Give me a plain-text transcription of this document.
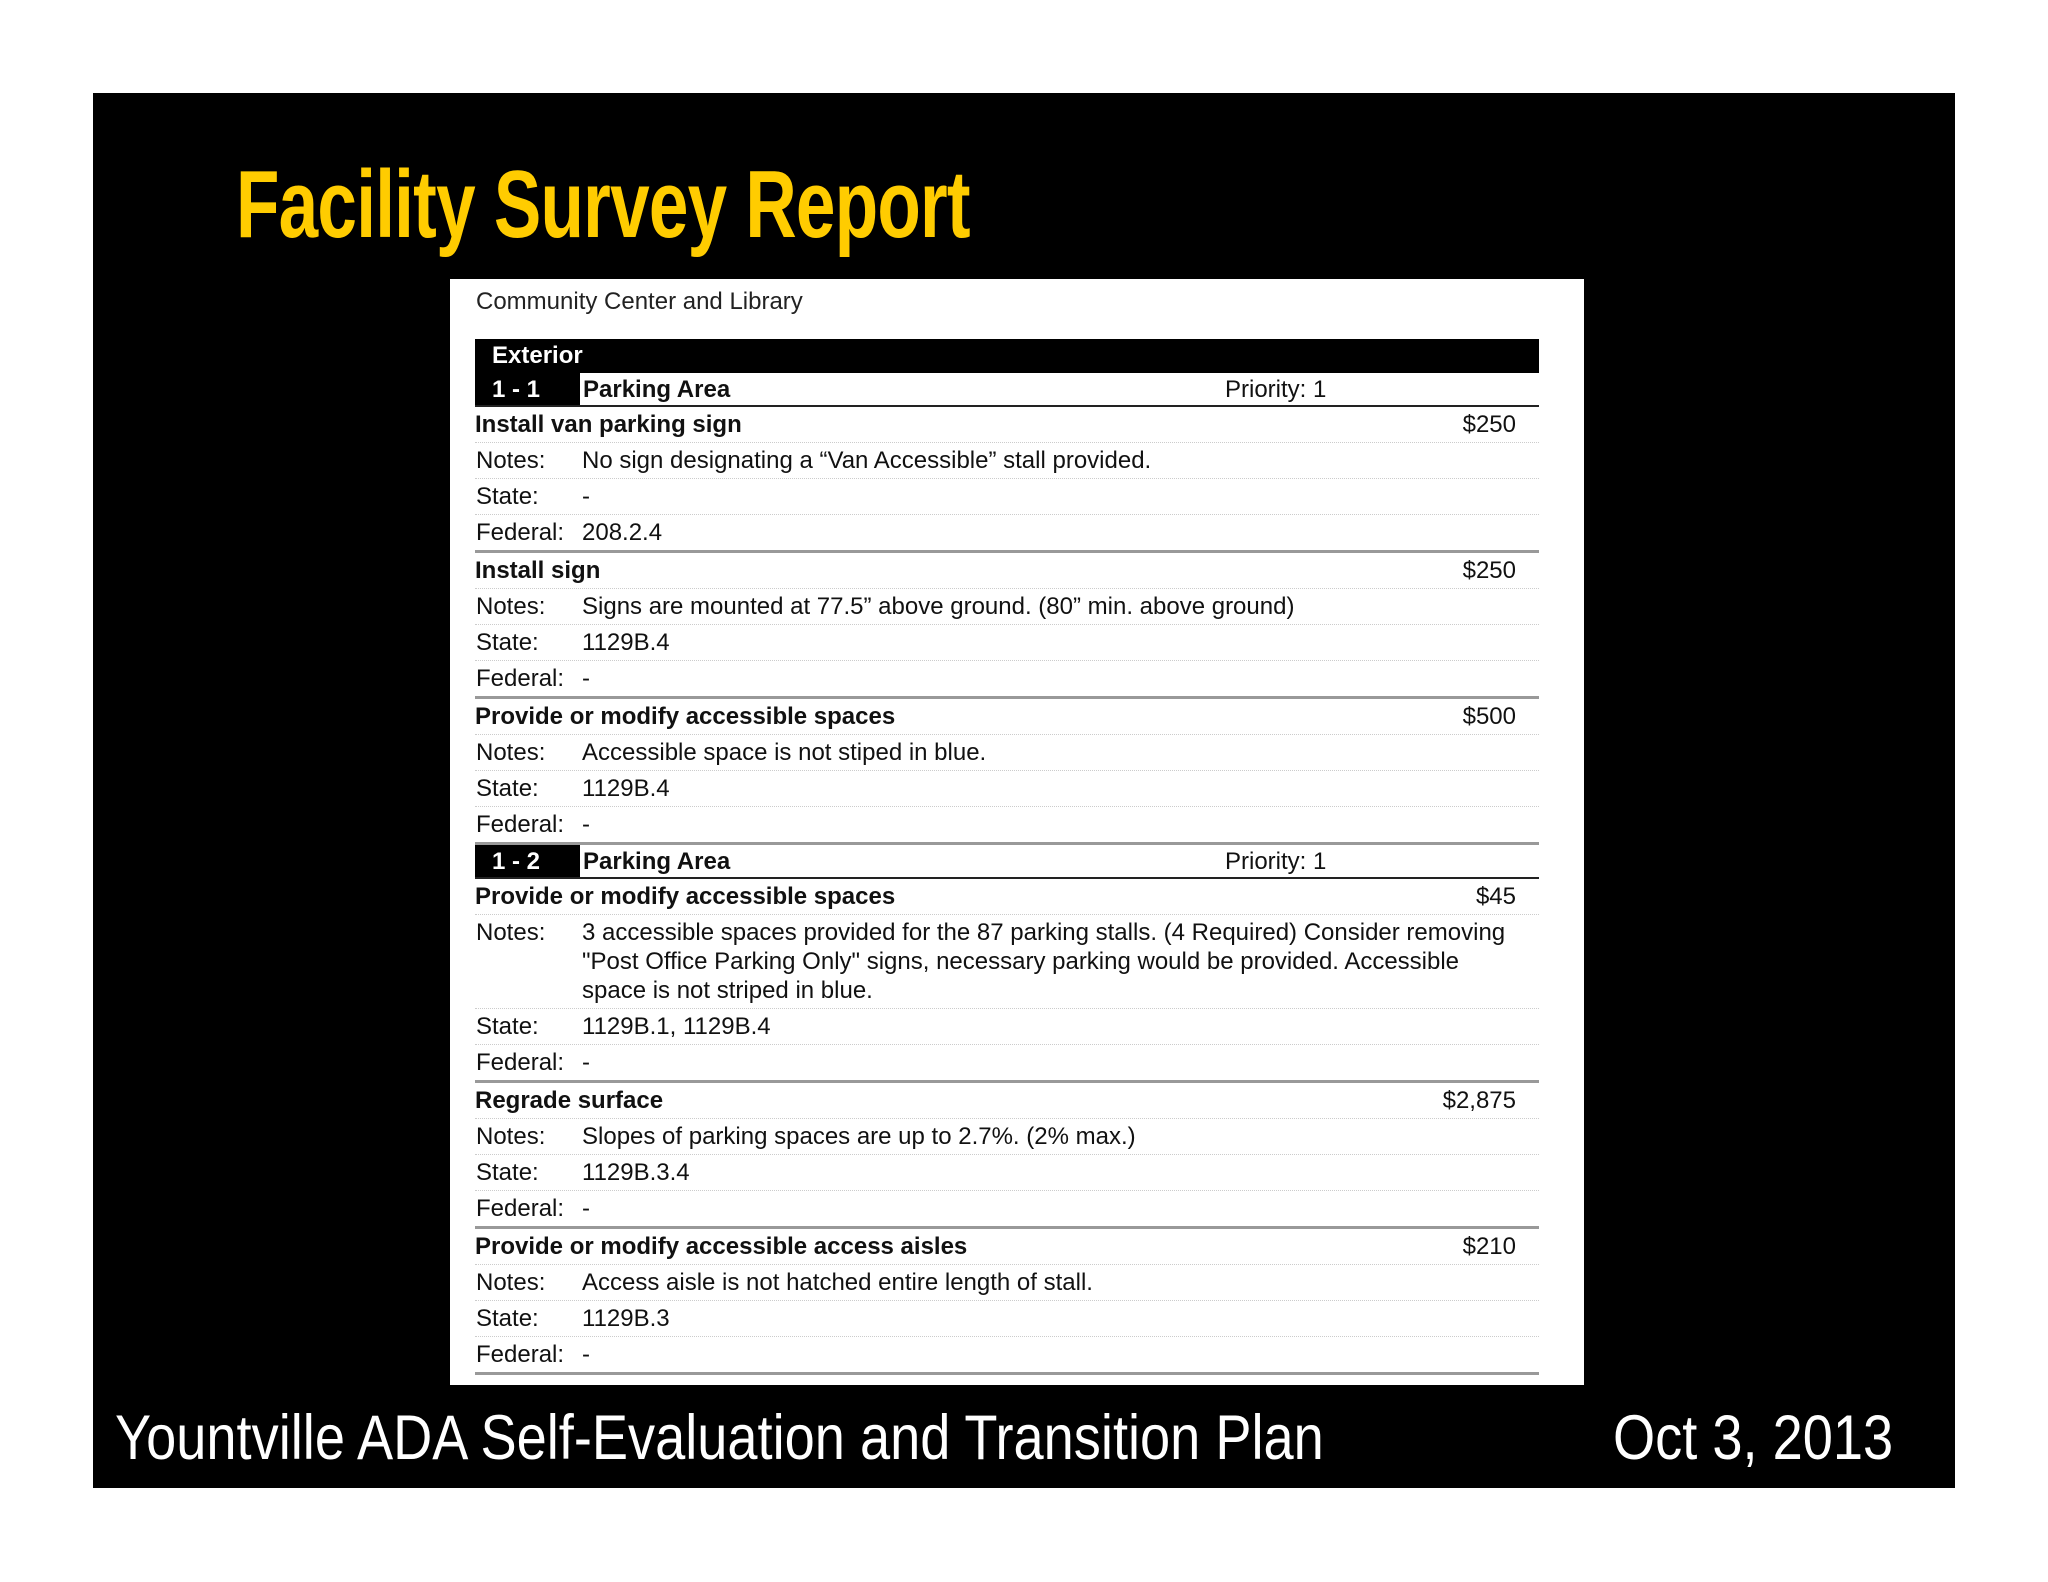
Facility Survey Report
Community Center and Library
Exterior
1 - 1	Parking Area	Priority: 1
Install van parking sign	$250
Notes:	No sign designating a “Van Accessible” stall provided.
State:	-
Federal: 208.2.4
Install sign	$250
Notes:	Signs are mounted at 77.5” above ground. (80” min. above ground)
State:	1129B.4
Federal: -
Provide or modify accessible spaces	$500
Notes:	Accessible space is not stiped in blue.
State:	1129B.4
Federal: -
1 - 2	Parking Area	Priority: 1
Provide or modify accessible spaces	$45
Notes:	3 accessible spaces provided for the 87 parking stalls. (4 Required) Consider removing "Post Office Parking Only" signs, necessary parking would be provided. Accessible space is not striped in blue.
State:	1129B.1, 1129B.4
Federal: -
Regrade surface	$2,875
Notes:	Slopes of parking spaces are up to 2.7%. (2% max.)
State:	1129B.3.4
Federal: -
Provide or modify accessible access aisles	$210
Notes:	Access aisle is not hatched entire length of stall.
State:	1129B.3
Federal: -
Yountville ADA Self-Evaluation and Transition Plan	Oct 3, 2013
